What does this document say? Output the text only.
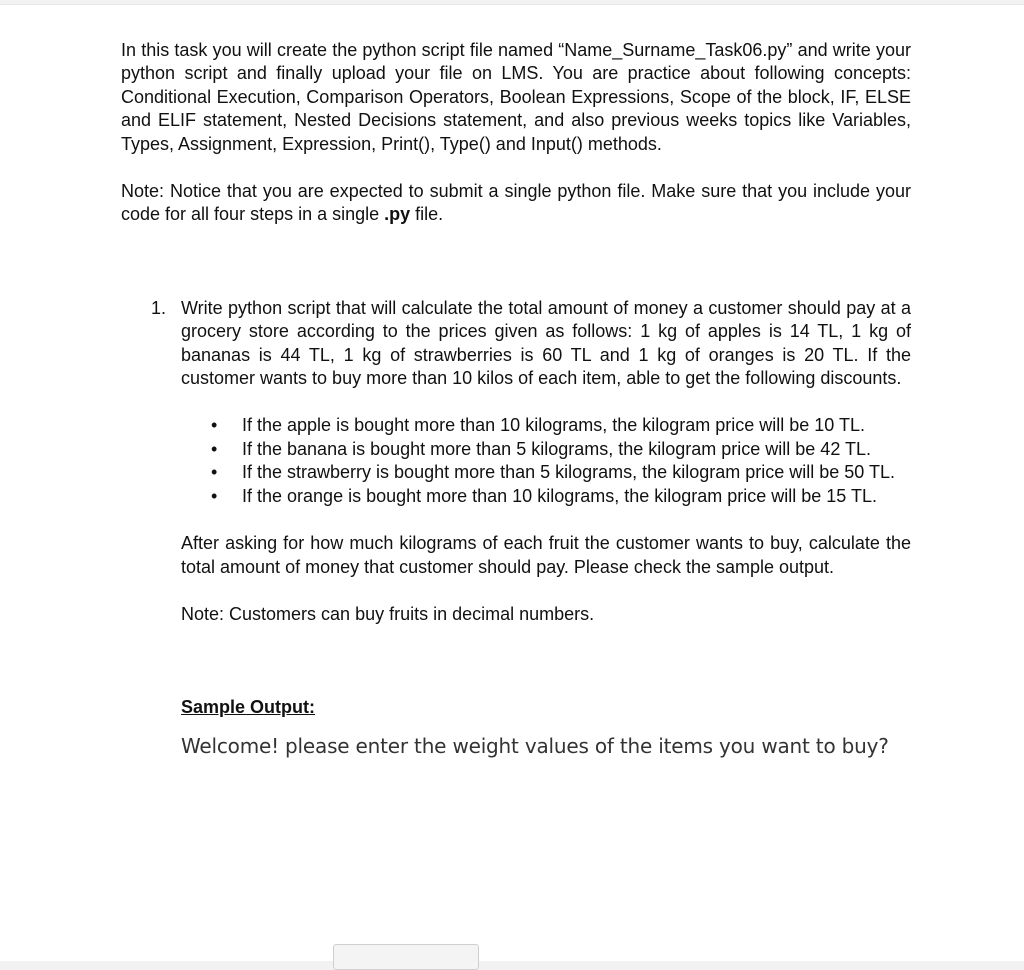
In this task you will create the python script file named “Name_Surname_Task06.py” and write your python script and finally upload your file on LMS. You are practice about following concepts: Conditional Execution, Comparison Operators, Boolean Expressions, Scope of the block, IF, ELSE and ELIF statement, Nested Decisions statement, and also previous weeks topics like Variables, Types, Assignment, Expression, Print(), Type() and Input() methods.

Note: Notice that you are expected to submit a single python file. Make sure that you include your code for all four steps in a single .py file.

1. Write python script that will calculate the total amount of money a customer should pay at a grocery store according to the prices given as follows: 1 kg of apples is 14 TL, 1 kg of bananas is 44 TL, 1 kg of strawberries is 60 TL and 1 kg of oranges is 20 TL. If the customer wants to buy more than 10 kilos of each item, able to get the following discounts.

• If the apple is bought more than 10 kilograms, the kilogram price will be 10 TL.
• If the banana is bought more than 5 kilograms, the kilogram price will be 42 TL.
• If the strawberry is bought more than 5 kilograms, the kilogram price will be 50 TL.
• If the orange is bought more than 10 kilograms, the kilogram price will be 15 TL.

After asking for how much kilograms of each fruit the customer wants to buy, calculate the total amount of money that customer should pay. Please check the sample output.

Note: Customers can buy fruits in decimal numbers.

Sample Output:

Welcome! please enter the weight values of the items you want to buy?
